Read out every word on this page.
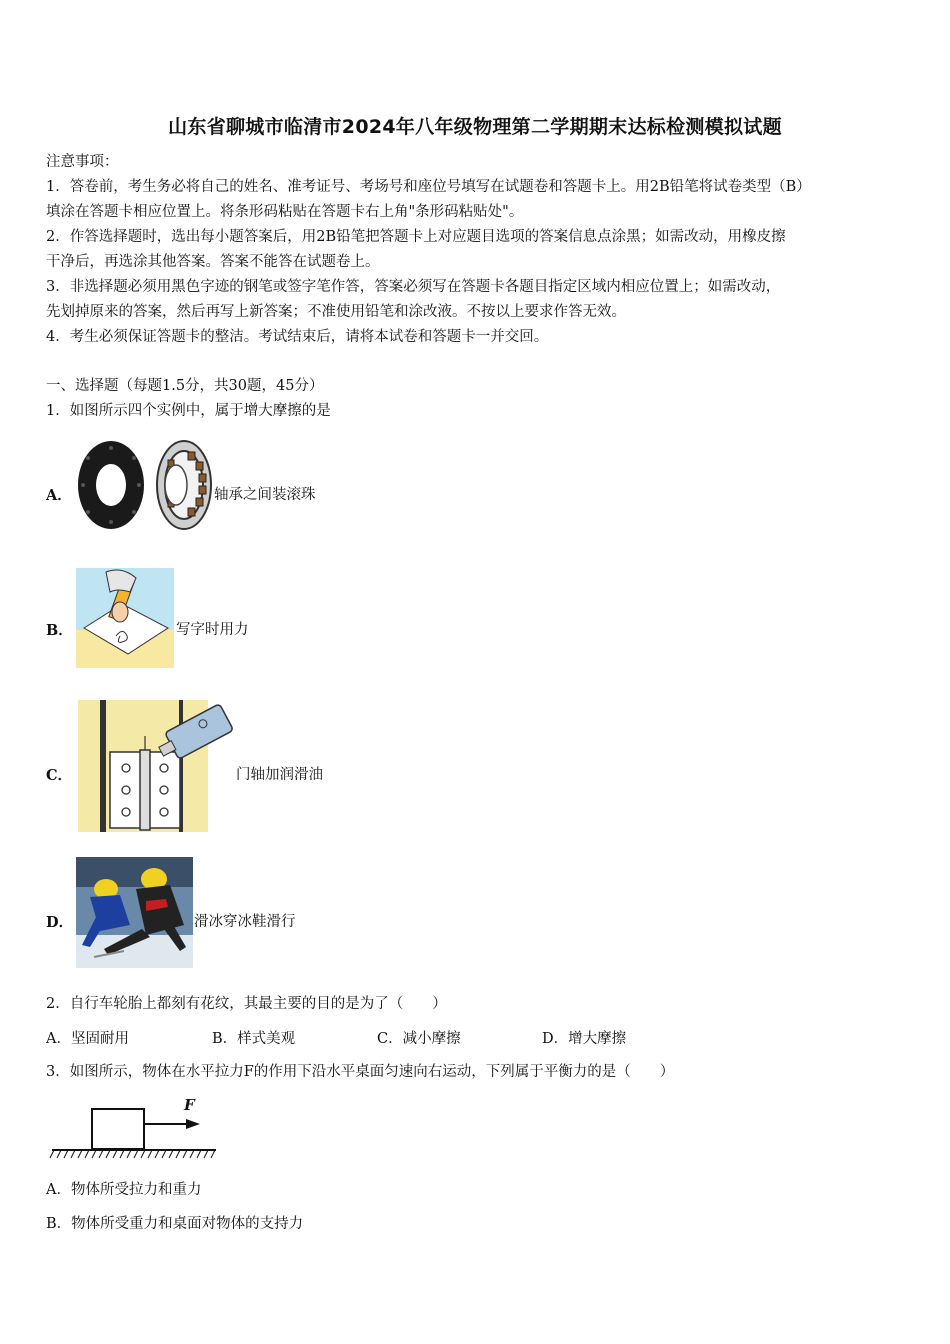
山东省聊城市临清市2024年八年级物理第二学期期末达标检测模拟试题
注意事项：
1．答卷前，考生务必将自己的姓名、准考证号、考场号和座位号填写在试题卷和答题卡上。用2B铅笔将试卷类型（B）
填涂在答题卡相应位置上。将条形码粘贴在答题卡右上角"条形码粘贴处"。
2．作答选择题时，选出每小题答案后，用2B铅笔把答题卡上对应题目选项的答案信息点涂黑；如需改动，用橡皮擦
干净后，再选涂其他答案。答案不能答在试题卷上。
3．非选择题必须用黑色字迹的钢笔或签字笔作答，答案必须写在答题卡各题目指定区域内相应位置上；如需改动，
先划掉原来的答案，然后再写上新答案；不准使用铅笔和涂改液。不按以上要求作答无效。
4．考生必须保证答题卡的整洁。考试结束后，请将本试卷和答题卡一并交回。
一、选择题（每题1.5分，共30题，45分）
1．如图所示四个实例中，属于增大摩擦的是
A．	轴承之间装滚珠
B．	写字时用力
C．	门轴加润滑油
D．	滑冰穿冰鞋滑行
2．自行车轮胎上都刻有花纹，其最主要的目的是为了（　　）
A．坚固耐用	B．样式美观	C．减小摩擦	D．增大摩擦
3．如图所示，物体在水平拉力F的作用下沿水平桌面匀速向右运动，下列属于平衡力的是（　　）
F
A．物体所受拉力和重力
B．物体所受重力和桌面对物体的支持力
